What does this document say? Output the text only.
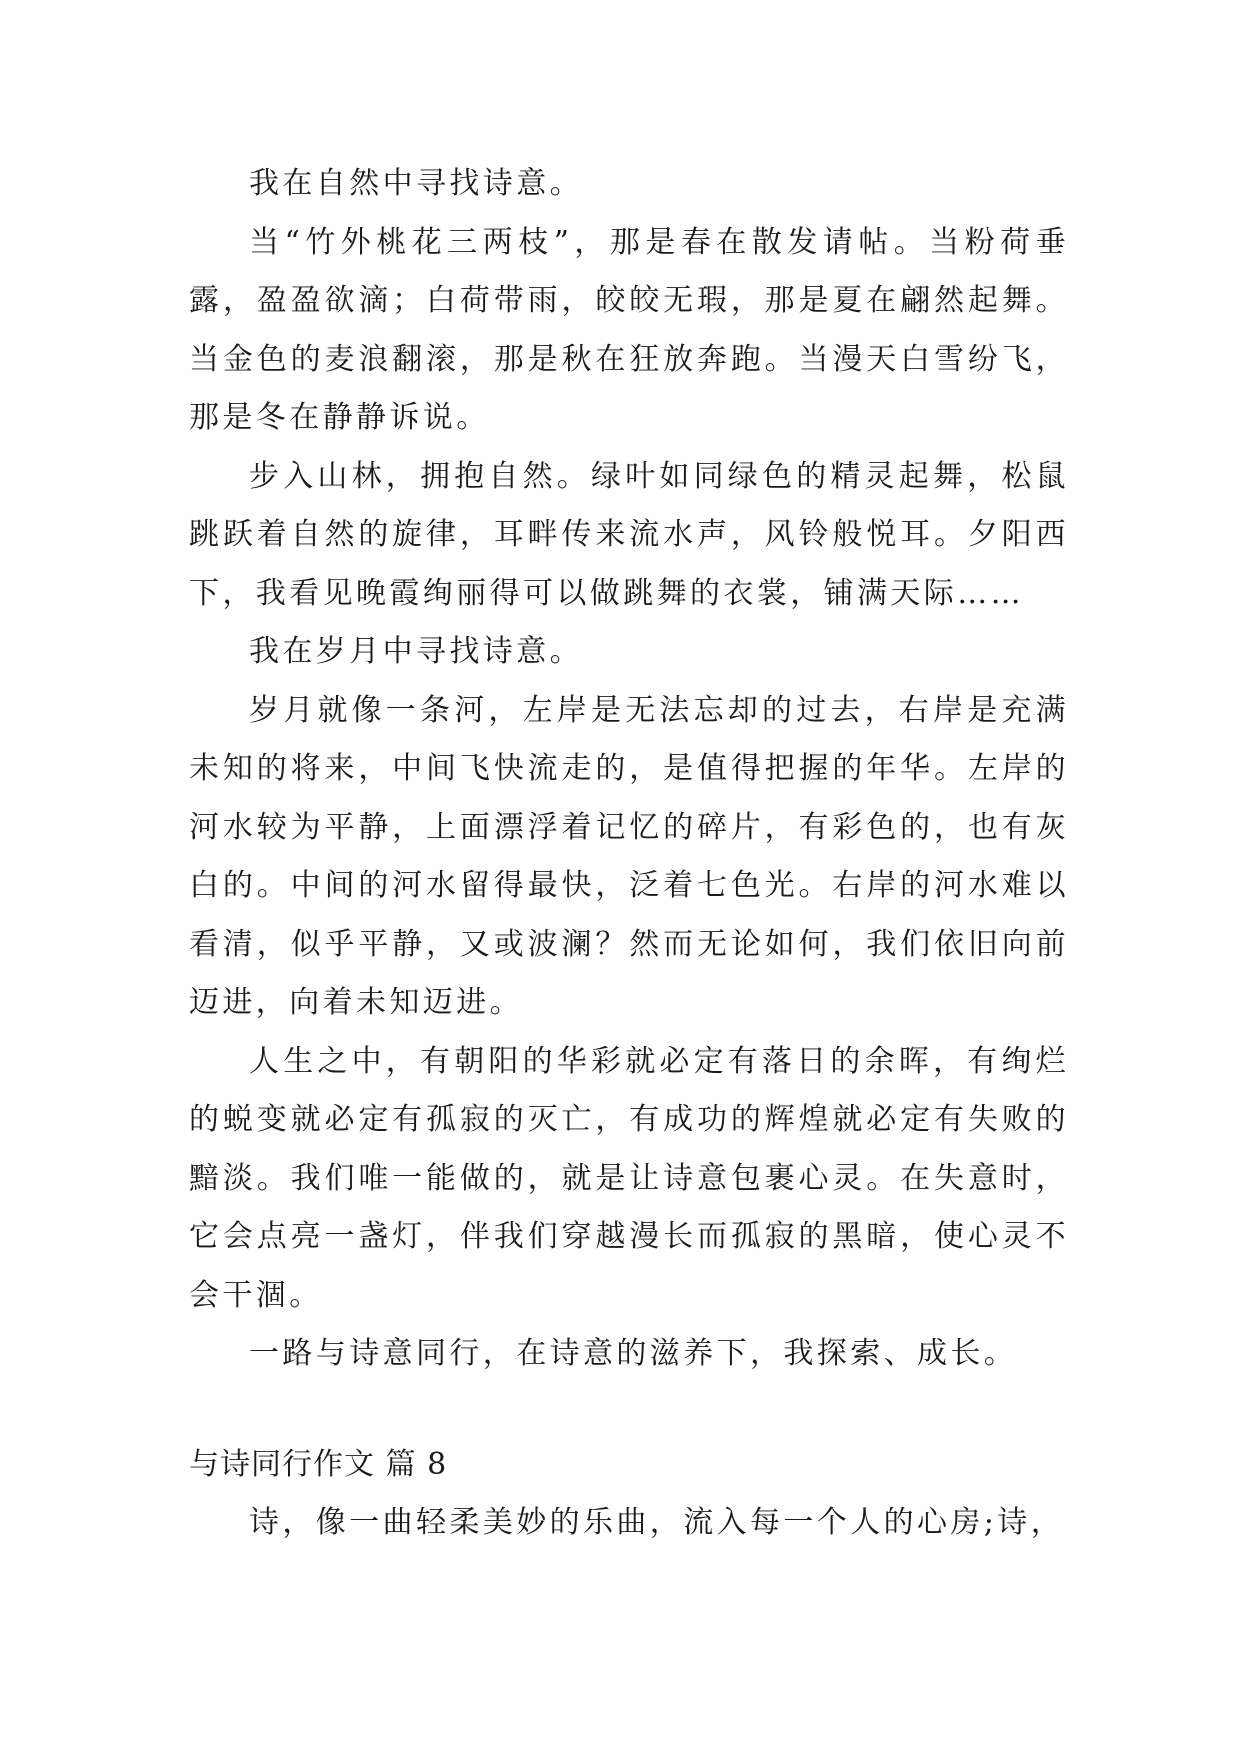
我在自然中寻找诗意。

当“竹外桃花三两枝”，那是春在散发请帖。当粉荷垂露，盈盈欲滴；白荷带雨，皎皎无瑕，那是夏在翩然起舞。当金色的麦浪翻滚，那是秋在狂放奔跑。当漫天白雪纷飞，那是冬在静静诉说。

步入山林，拥抱自然。绿叶如同绿色的精灵起舞，松鼠跳跃着自然的旋律，耳畔传来流水声，风铃般悦耳。夕阳西下，我看见晚霞绚丽得可以做跳舞的衣裳，铺满天际……

我在岁月中寻找诗意。

岁月就像一条河，左岸是无法忘却的过去，右岸是充满未知的将来，中间飞快流走的，是值得把握的年华。左岸的河水较为平静，上面漂浮着记忆的碎片，有彩色的，也有灰白的。中间的河水留得最快，泛着七色光。右岸的河水难以看清，似乎平静，又或波澜？然而无论如何，我们依旧向前迈进，向着未知迈进。

人生之中，有朝阳的华彩就必定有落日的余晖，有绚烂的蜕变就必定有孤寂的灭亡，有成功的辉煌就必定有失败的黯淡。我们唯一能做的，就是让诗意包裹心灵。在失意时，它会点亮一盏灯，伴我们穿越漫长而孤寂的黑暗，使心灵不会干涸。

一路与诗意同行，在诗意的滋养下，我探索、成长。

与诗同行作文 篇 8

诗，像一曲轻柔美妙的乐曲，流入每一个人的心房;诗，
